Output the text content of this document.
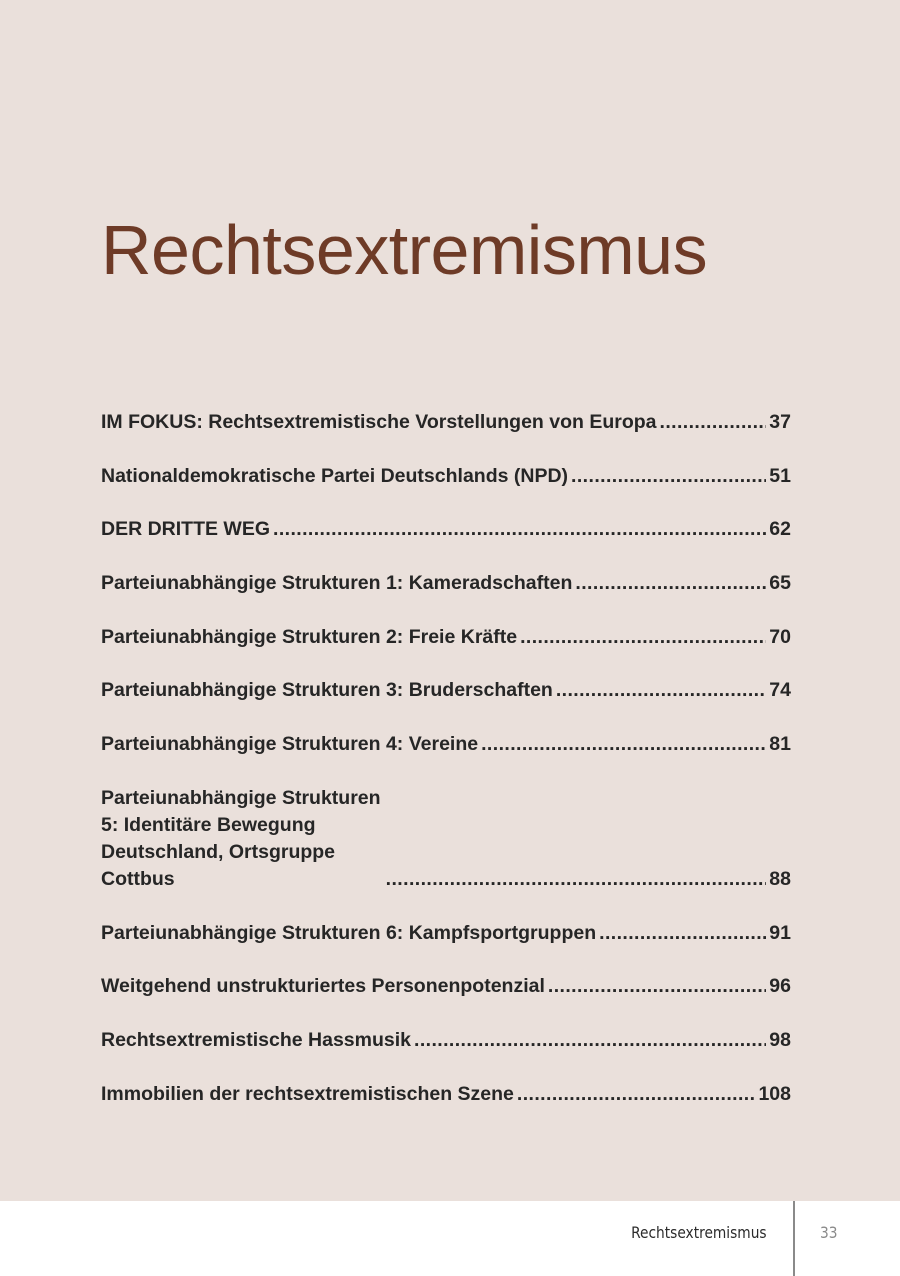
Rechtsextremismus
IM FOKUS: Rechtsextremistische Vorstellungen von Europa .....	37
Nationaldemokratische Partei Deutschlands (NPD) .....	51
DER DRITTE WEG .....	62
Parteiunabhängige Strukturen 1: Kameradschaften .....	65
Parteiunabhängige Strukturen 2: Freie Kräfte .....	70
Parteiunabhängige Strukturen 3: Bruderschaften .....	74
Parteiunabhängige Strukturen 4: Vereine .....	81
Parteiunabhängige Strukturen 5: Identitäre Bewegung Deutschland, Ortsgruppe Cottbus .....	88
Parteiunabhängige Strukturen 6: Kampfsportgruppen .....	91
Weitgehend unstrukturiertes Personenpotenzial .....	96
Rechtsextremistische Hassmusik .....	98
Immobilien der rechtsextremistischen Szene .....	108
Rechtsextremismus	33
